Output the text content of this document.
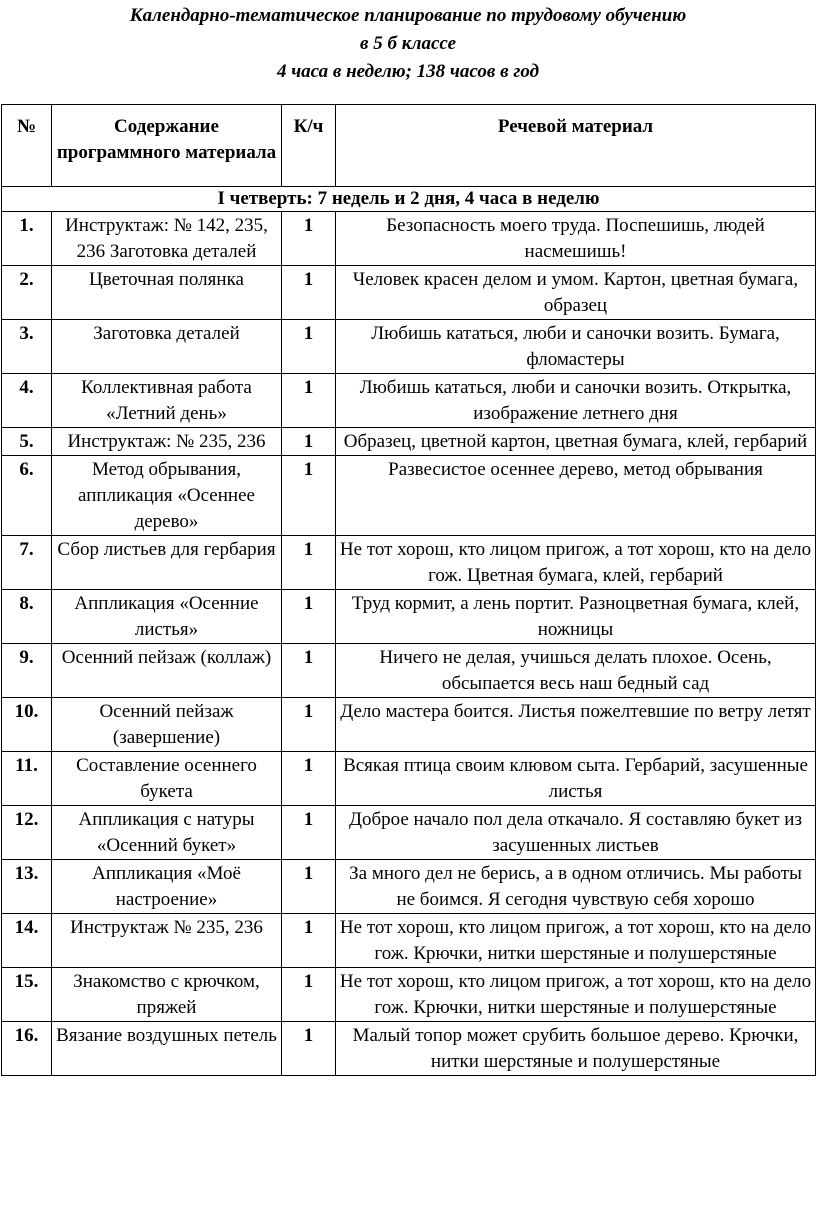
Календарно-тематическое планирование по трудовому обучению
в 5 б классе
4 часа в неделю; 138 часов в год
№	Содержание программного материала	К/ч	Речевой материал
I четверть: 7 недель и 2 дня, 4 часа в неделю			
1.	Инструктаж: № 142, 235, 236 Заготовка деталей	1	Безопасность моего труда. Поспешишь, людей насмешишь!
2.	Цветочная полянка	1	Человек красен делом и умом. Картон, цветная бумага, образец
3.	Заготовка деталей	1	Любишь кататься, люби и саночки возить. Бумага, фломастеры
4.	Коллективная работа «Летний день»	1	Любишь кататься, люби и саночки возить. Открытка, изображение летнего дня
5.	Инструктаж: № 235, 236	1	Образец, цветной картон, цветная бумага, клей, гербарий
6.	Метод обрывания, аппликация «Осеннее дерево»	1	Развесистое осеннее дерево, метод обрывания
7.	Сбор листьев для гербария	1	Не тот хорош, кто лицом пригож, а тот хорош, кто на дело гож. Цветная бумага, клей, гербарий
8.	Аппликация «Осенние листья»	1	Труд кормит, а лень портит. Разноцветная бумага, клей, ножницы
9.	Осенний пейзаж (коллаж)	1	Ничего не делая, учишься делать плохое. Осень, обсыпается весь наш бедный сад
10.	Осенний пейзаж (завершение)	1	Дело мастера боится. Листья пожелтевшие по ветру летят
11.	Составление осеннего букета	1	Всякая птица своим клювом сыта. Гербарий, засушенные листья
12.	Аппликация с натуры «Осенний букет»	1	Доброе начало пол дела откачало. Я составляю букет из засушенных листьев
13.	Аппликация «Моё настроение»	1	За много дел не берись, а в одном отличись. Мы работы не боимся. Я сегодня чувствую себя хорошо
14.	Инструктаж № 235, 236	1	Не тот хорош, кто лицом пригож, а тот хорош, кто на дело гож. Крючки, нитки шерстяные и полушерстяные
15.	Знакомство с крючком, пряжей	1	Не тот хорош, кто лицом пригож, а тот хорош, кто на дело гож. Крючки, нитки шерстяные и полушерстяные
16.	Вязание воздушных петель	1	Малый топор может срубить большое дерево. Крючки, нитки шерстяные и полушерстяные
